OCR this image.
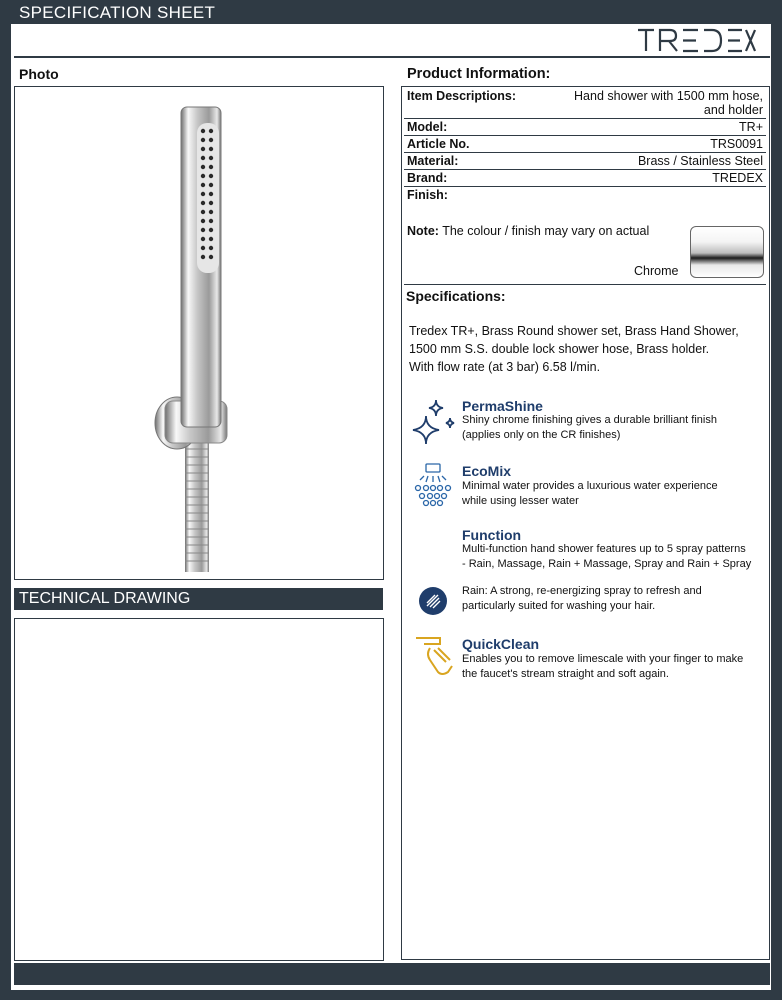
SPECIFICATION SHEET
Photo	Product Information:
TECHNICAL DRAWING
Item Descriptions:	Hand shower with 1500 mm hose,
and holder

Model:	TR+
Article No.	TRS0091
Material:	Brass / Stainless Steel
Brand:	TREDEX
Finish:	
Note: The colour / finish may vary on actual
Chrome
Specifications:
Tredex TR+, Brass Round shower set, Brass Hand Shower,
1500 mm S.S. double lock shower hose, Brass holder.
With flow rate (at 3 bar) 6.58 l/min.
PermaShine
Shiny chrome finishing gives a durable brilliant finish
(applies only on the CR finishes)
EcoMix
Minimal water provides a luxurious water experience
while using lesser water
Function
Multi-function hand shower features up to 5 spray patterns
- Rain, Massage, Rain + Massage, Spray and Rain + Spray
Rain: A strong, re-energizing spray to refresh and
particularly suited for washing your hair.
QuickClean
Enables you to remove limescale with your finger to make
the faucet's stream straight and soft again.
